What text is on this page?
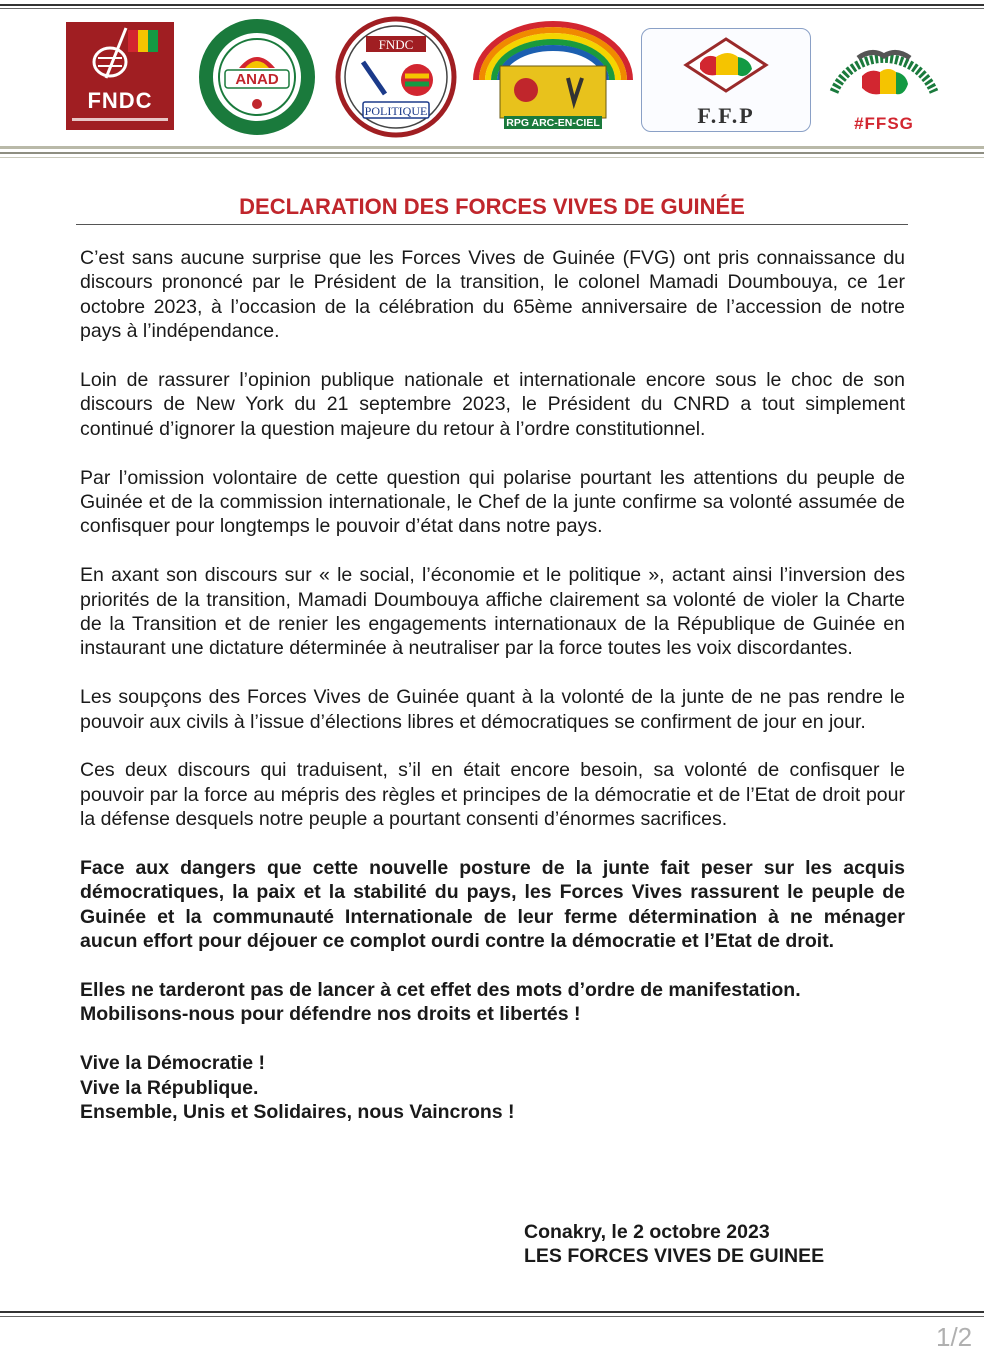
FNDC
ANAD
FNDC
POLITIQUE
RPG ARC-EN-CIEL	F.F.P	#FFSG
DECLARATION DES FORCES VIVES DE GUINÉE

C’est sans aucune surprise que les Forces Vives de Guinée (FVG) ont pris connaissance du discours prononcé par le Président de la transition, le colonel Mamadi Doumbouya, ce 1er octobre 2023, à l’occasion de la célébration du 65ème anniversaire de l’accession de notre pays à l’indépendance.

Loin de rassurer l’opinion publique nationale et internationale encore sous le choc de son discours de New York du 21 septembre 2023, le Président du CNRD a tout simplement continué d’ignorer la question majeure du retour à l’ordre constitutionnel.

Par l’omission volontaire de cette question qui polarise pourtant les attentions du peuple de Guinée et de la commission internationale, le Chef de la junte confirme sa volonté assumée de confisquer pour longtemps le pouvoir d’état dans notre pays.

En axant son discours sur « le social, l’économie et le politique », actant ainsi l’inversion des priorités de la transition, Mamadi Doumbouya affiche clairement sa volonté de violer la Charte de la Transition et de renier les engagements internationaux de la République de Guinée en instaurant une dictature déterminée à neutraliser par la force toutes les voix discordantes.

Les soupçons des Forces Vives de Guinée quant à la volonté de la junte de ne pas rendre le pouvoir aux civils à l’issue d’élections libres et démocratiques se confirment de jour en jour.

Ces deux discours qui traduisent, s’il en était encore besoin, sa volonté de confisquer le pouvoir par la force au mépris des règles et principes de la démocratie et de l’Etat de droit pour la défense desquels notre peuple a pourtant consenti d’énormes sacrifices.

Face aux dangers que cette nouvelle posture de la junte fait peser sur les acquis démocratiques, la paix et la stabilité du pays, les Forces Vives rassurent le peuple de Guinée et la communauté Internationale de leur ferme détermination à ne ménager aucun effort pour déjouer ce complot ourdi contre la démocratie et l’Etat de droit.

Elles ne tarderont pas de lancer à cet effet des mots d’ordre de manifestation.
Mobilisons-nous pour défendre nos droits et libertés !
Vive la Démocratie !
Vive la République.
Ensemble, Unis et Solidaires, nous Vaincrons !
Conakry, le 2 octobre 2023
LES FORCES VIVES DE GUINEE
1/2
